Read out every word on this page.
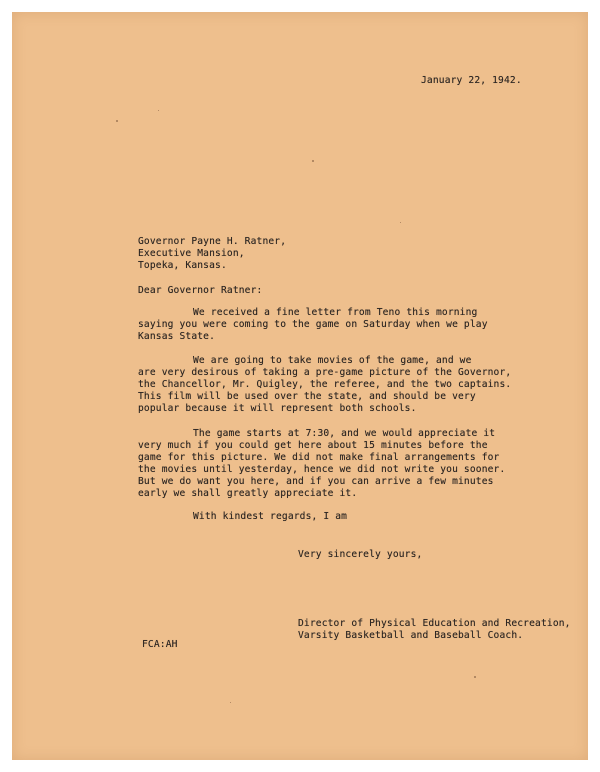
January 22, 1942.
Governor Payne H. Ratner,
Executive Mansion,
Topeka, Kansas.
Dear Governor Ratner:
We received a fine letter from Teno this morning
saying you were coming to the game on Saturday when we play
Kansas State.
We are going to take movies of the game, and we
are very desirous of taking a pre-game picture of the Governor,
the Chancellor, Mr. Quigley, the referee, and the two captains.
This film will be used over the state, and should be very
popular because it will represent both schools.
The game starts at 7:30, and we would appreciate it
very much if you could get here about 15 minutes before the
game for this picture. We did not make final arrangements for
the movies until yesterday, hence we did not write you sooner.
But we do want you here, and if you can arrive a few minutes
early we shall greatly appreciate it.
With kindest regards, I am
Very sincerely yours,
Director of Physical Education and Recreation,
Varsity Basketball and Baseball Coach.
FCA:AH
